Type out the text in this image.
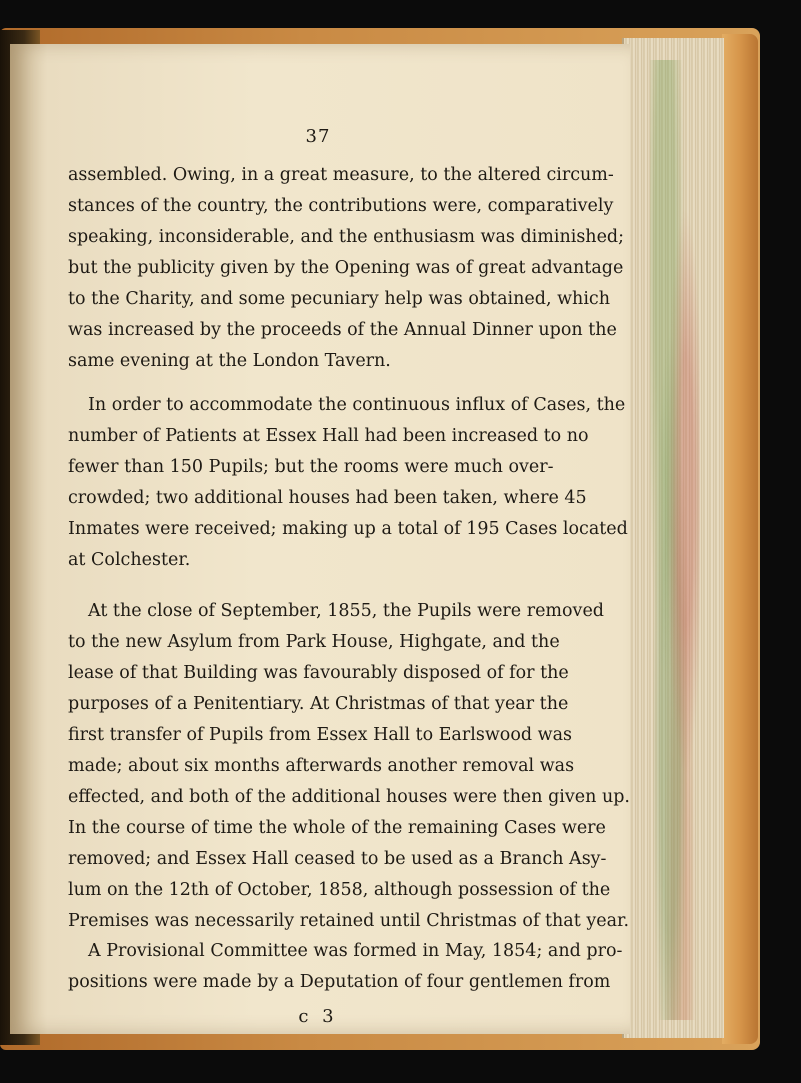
37
assembled. Owing, in a great measure, to the altered circum-
stances of the country, the contributions were, comparatively
speaking, inconsiderable, and the enthusiasm was diminished;
but the publicity given by the Opening was of great advantage
to the Charity, and some pecuniary help was obtained, which
was increased by the proceeds of the Annual Dinner upon the
same evening at the London Tavern.
In order to accommodate the continuous influx of Cases, the
number of Patients at Essex Hall had been increased to no
fewer than 150 Pupils; but the rooms were much over-
crowded; two additional houses had been taken, where 45
Inmates were received; making up a total of 195 Cases located
at Colchester.
At the close of September, 1855, the Pupils were removed
to the new Asylum from Park House, Highgate, and the
lease of that Building was favourably disposed of for the
purposes of a Penitentiary. At Christmas of that year the
first transfer of Pupils from Essex Hall to Earlswood was
made; about six months afterwards another removal was
effected, and both of the additional houses were then given up.
In the course of time the whole of the remaining Cases were
removed; and Essex Hall ceased to be used as a Branch Asy-
lum on the 12th of October, 1858, although possession of the
Premises was necessarily retained until Christmas of that year.
A Provisional Committee was formed in May, 1854; and pro-
positions were made by a Deputation of four gentlemen from
c 3
